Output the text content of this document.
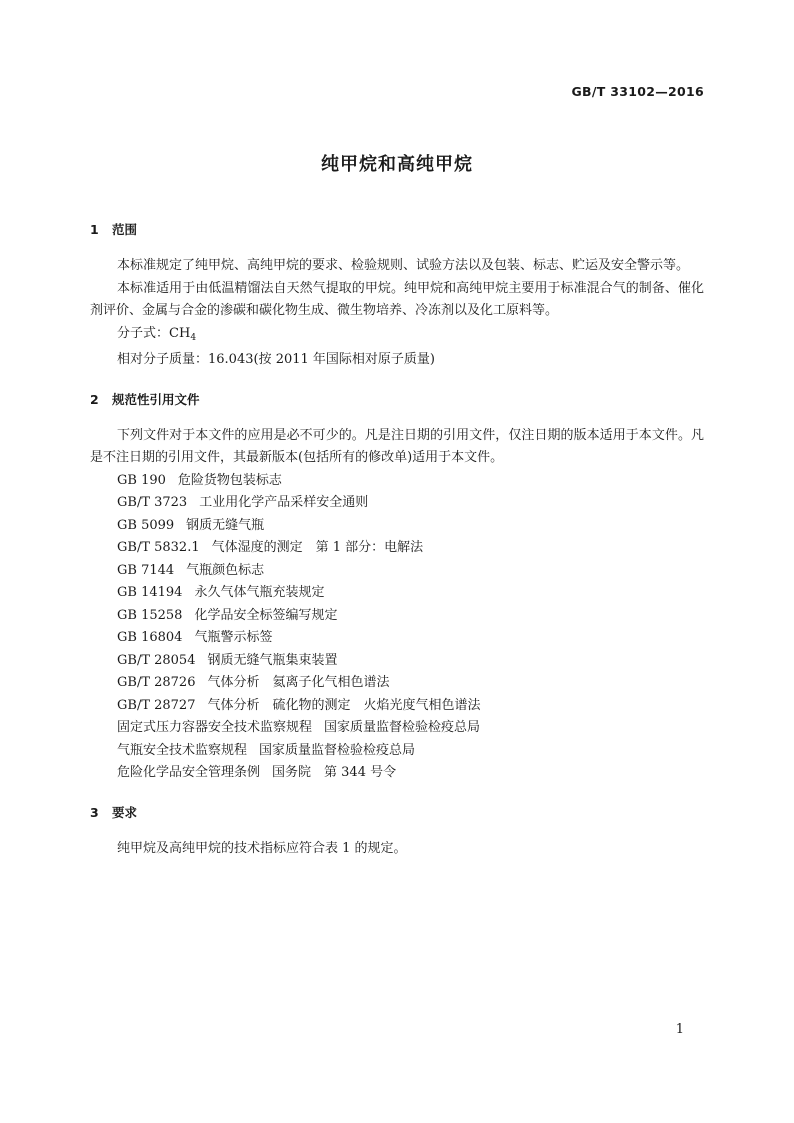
GB/T 33102—2016
纯甲烷和高纯甲烷
1 范围

本标准规定了纯甲烷、高纯甲烷的要求、检验规则、试验方法以及包装、标志、贮运及安全警示等。

本标准适用于由低温精馏法自天然气提取的甲烷。纯甲烷和高纯甲烷主要用于标准混合气的制备、催化剂评价、金属与合金的渗碳和碳化物生成、微生物培养、冷冻剂以及化工原料等。

分子式：$CH_4$
相对分子质量：16.043(按 2011 年国际相对原子质量)
2 规范性引用文件

下列文件对于本文件的应用是必不可少的。凡是注日期的引用文件，仅注日期的版本适用于本文件。凡是不注日期的引用文件，其最新版本(包括所有的修改单)适用于本文件。

GB 190 危险货物包装标志
GB/T 3723 工业用化学产品采样安全通则
GB 5099 钢质无缝气瓶
GB/T 5832.1 气体湿度的测定　第 1 部分：电解法
GB 7144 气瓶颜色标志
GB 14194 永久气体气瓶充装规定
GB 15258 化学品安全标签编写规定
GB 16804 气瓶警示标签
GB/T 28054 钢质无缝气瓶集束装置
GB/T 28726 气体分析　氦离子化气相色谱法
GB/T 28727 气体分析　硫化物的测定　火焰光度气相色谱法
固定式压力容器安全技术监察规程 国家质量监督检验检疫总局
气瓶安全技术监察规程 国家质量监督检验检疫总局
危险化学品安全管理条例 国务院　第 344 号令
3 要求

纯甲烷及高纯甲烷的技术指标应符合表 1 的规定。

1
